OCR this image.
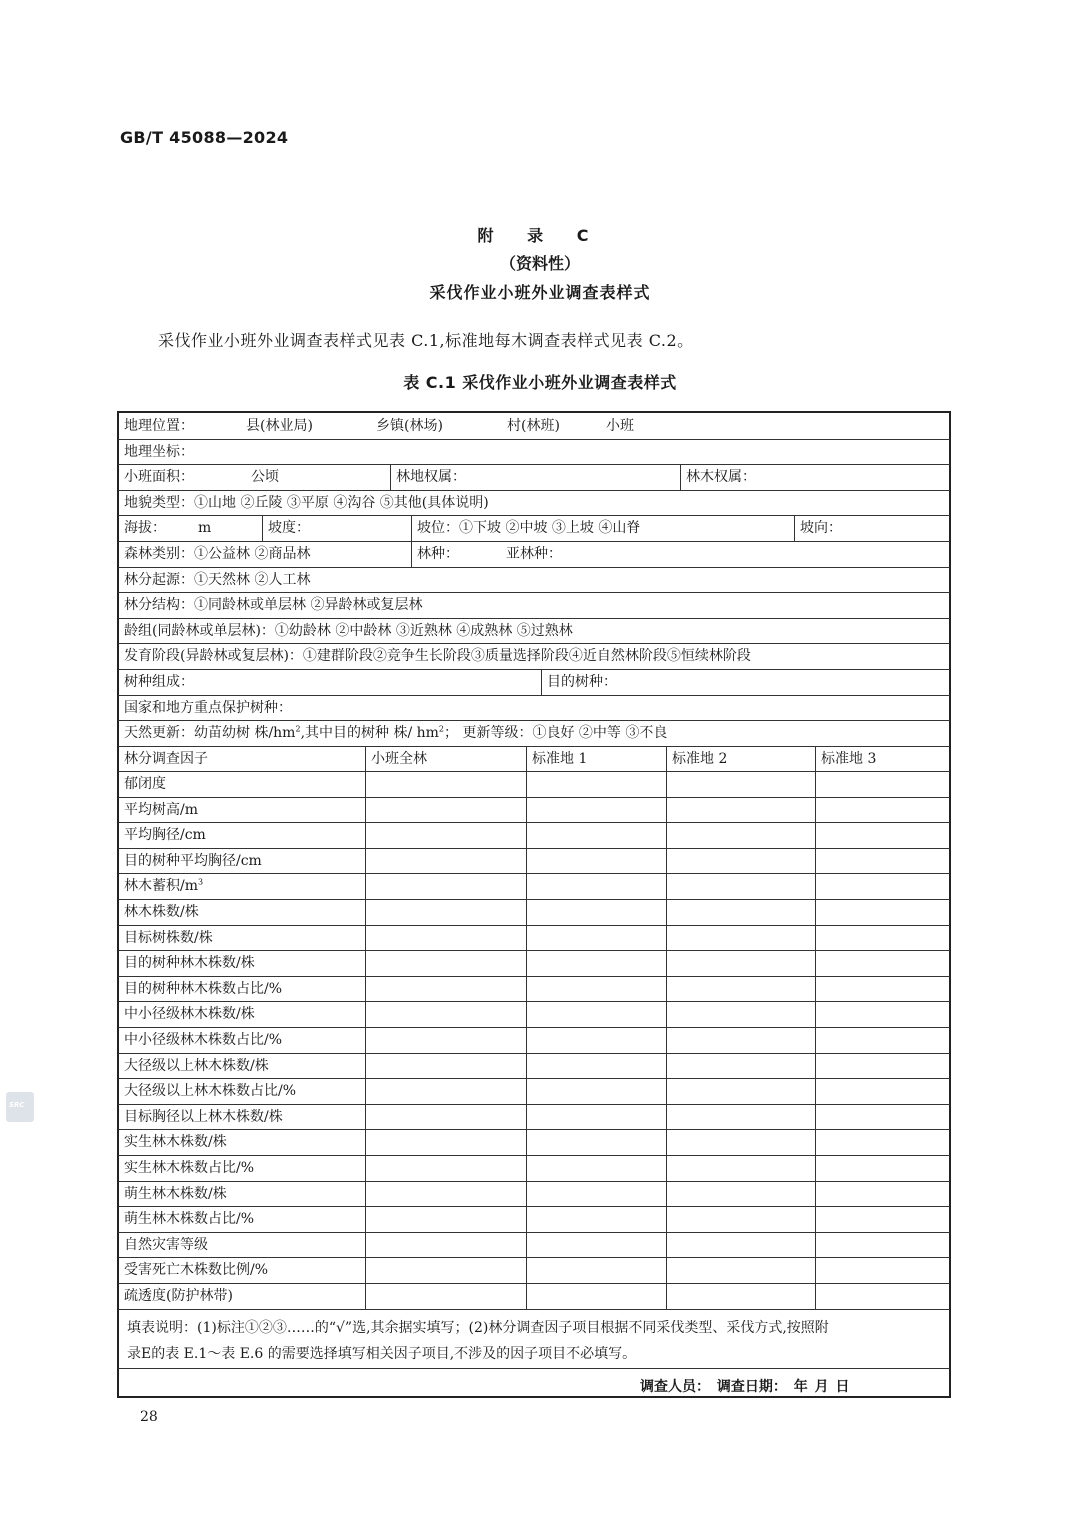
GB/T 45088—2024
附 录 C
（资料性）
采伐作业小班外业调查表样式
采伐作业小班外业调查表样式见表 C.1,标准地每木调查表样式见表 C.2。
表 C.1 采伐作业小班外业调查表样式
地理位置：	县(林业局)	乡镇(林场)	村(林班)	小班
地理坐标：
小班面积：	公顷	林地权属：	林木权属：
地貌类型：①山地 ②丘陵 ③平原 ④沟谷 ⑤其他(具体说明)
海拔： m	坡度：	坡位：①下坡 ②中坡 ③上坡 ④山脊	坡向：
森林类别：①公益林 ②商品林	林种：	亚林种：
林分起源：①天然林 ②人工林
林分结构：①同龄林或单层林 ②异龄林或复层林
龄组(同龄林或单层林)：①幼龄林 ②中龄林 ③近熟林 ④成熟林 ⑤过熟林
发育阶段(异龄林或复层林)：①建群阶段②竞争生长阶段③质量选择阶段④近自然林阶段⑤恒续林阶段
树种组成：	目的树种：
国家和地方重点保护树种：
天然更新：幼苗幼树 株$/hm^2$,其中目的树种 株/ $hm^2$； 更新等级：①良好 ②中等 ③不良
林分调查因子	小班全林	标准地 1	标准地 2	标准地 3
郁闭度
平均树高/m
平均胸径/cm
目的树种平均胸径/cm
林木蓄积$/m^3$
林木株数/株
目标树株数/株
目的树种林木株数/株
目的树种林木株数占比/%
中小径级林木株数/株
中小径级林木株数占比/%
大径级以上林木株数/株
大径级以上林木株数占比/%
目标胸径以上林木株数/株
实生林木株数/株
实生林木株数占比/%
萌生林木株数/株
萌生林木株数占比/%
自然灾害等级
受害死亡木株数比例/%
疏透度(防护林带)
填表说明：(1)标注①②③……的“√”选,其余据实填写；(2)林分调查因子项目根据不同采伐类型、采伐方式,按照附
录E的表 E.1～表 E.6 的需要选择填写相关因子项目,不涉及的因子项目不必填写。
调查人员： 调查日期： 年 月 日
28
SRC
